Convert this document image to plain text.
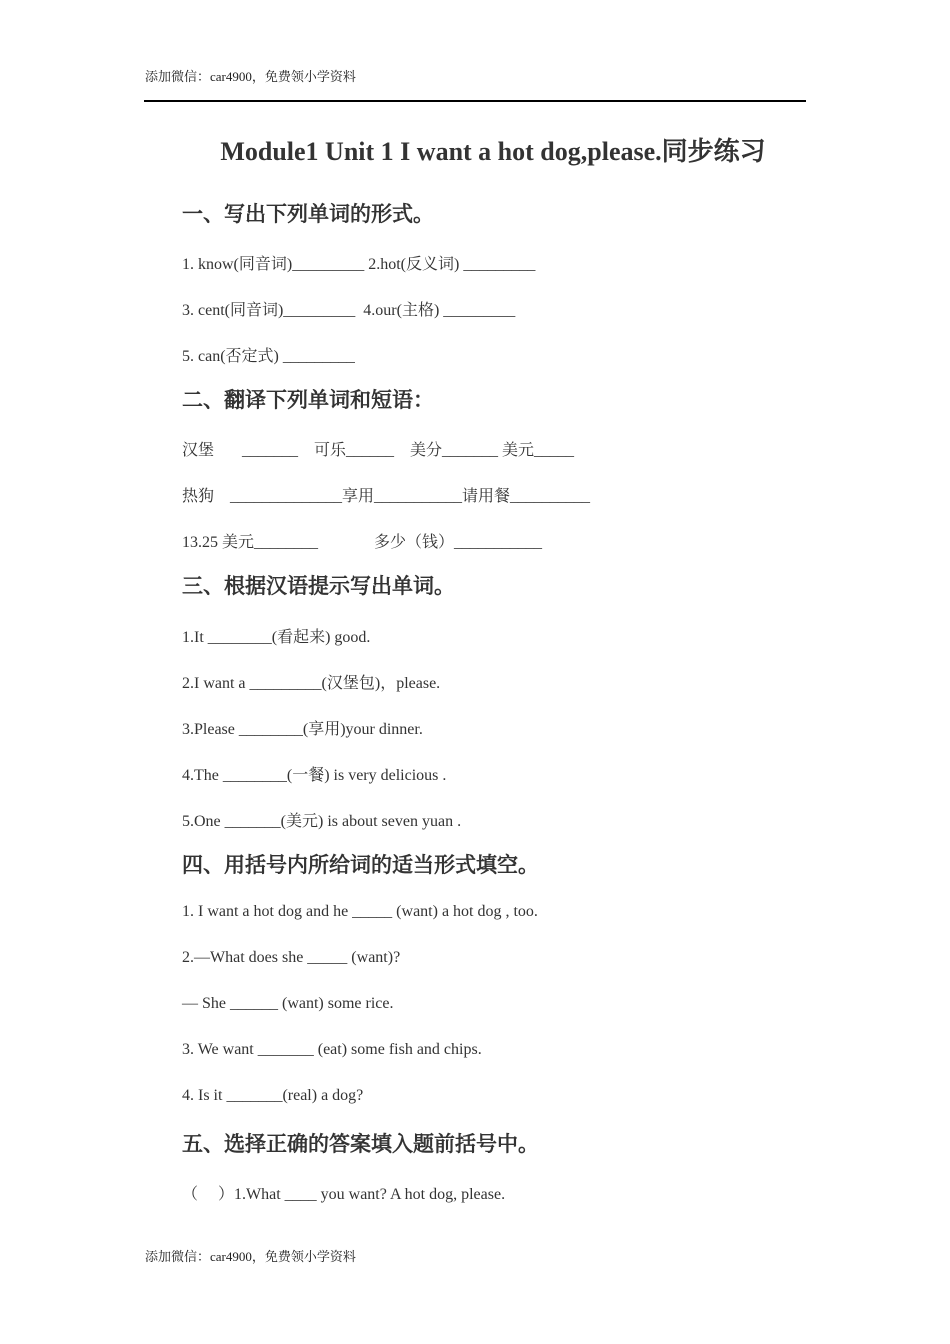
添加微信：car4900，免费领小学资料
Module1 Unit 1 I want a hot dog,please.同步练习
一、写出下列单词的形式。
1. know(同音词)_________ 2.hot(反义词) _________
3. cent(同音词)_________  4.our(主格) _________
5. can(否定式) _________
二、翻译下列单词和短语：
汉堡       _______    可乐______    美分_______ 美元_____
热狗    ______________享用___________请用餐__________
13.25 美元________              多少（钱）___________
三、根据汉语提示写出单词。
1.It ________(看起来) good.
2.I want a _________(汉堡包)，please.
3.Please ________(享用)your dinner.
4.The ________(一餐) is very delicious .
5.One _______(美元) is about seven yuan .
四、用括号内所给词的适当形式填空。
1. I want a hot dog and he _____ (want) a hot dog , too.
2.—What does she _____ (want)?
— She ______ (want) some rice.
3. We want _______ (eat) some fish and chips.
4. Is it _______(real) a dog?
五、选择正确的答案填入题前括号中。
（     ）1.What ____ you want? A hot dog, please.
添加微信：car4900，免费领小学资料
